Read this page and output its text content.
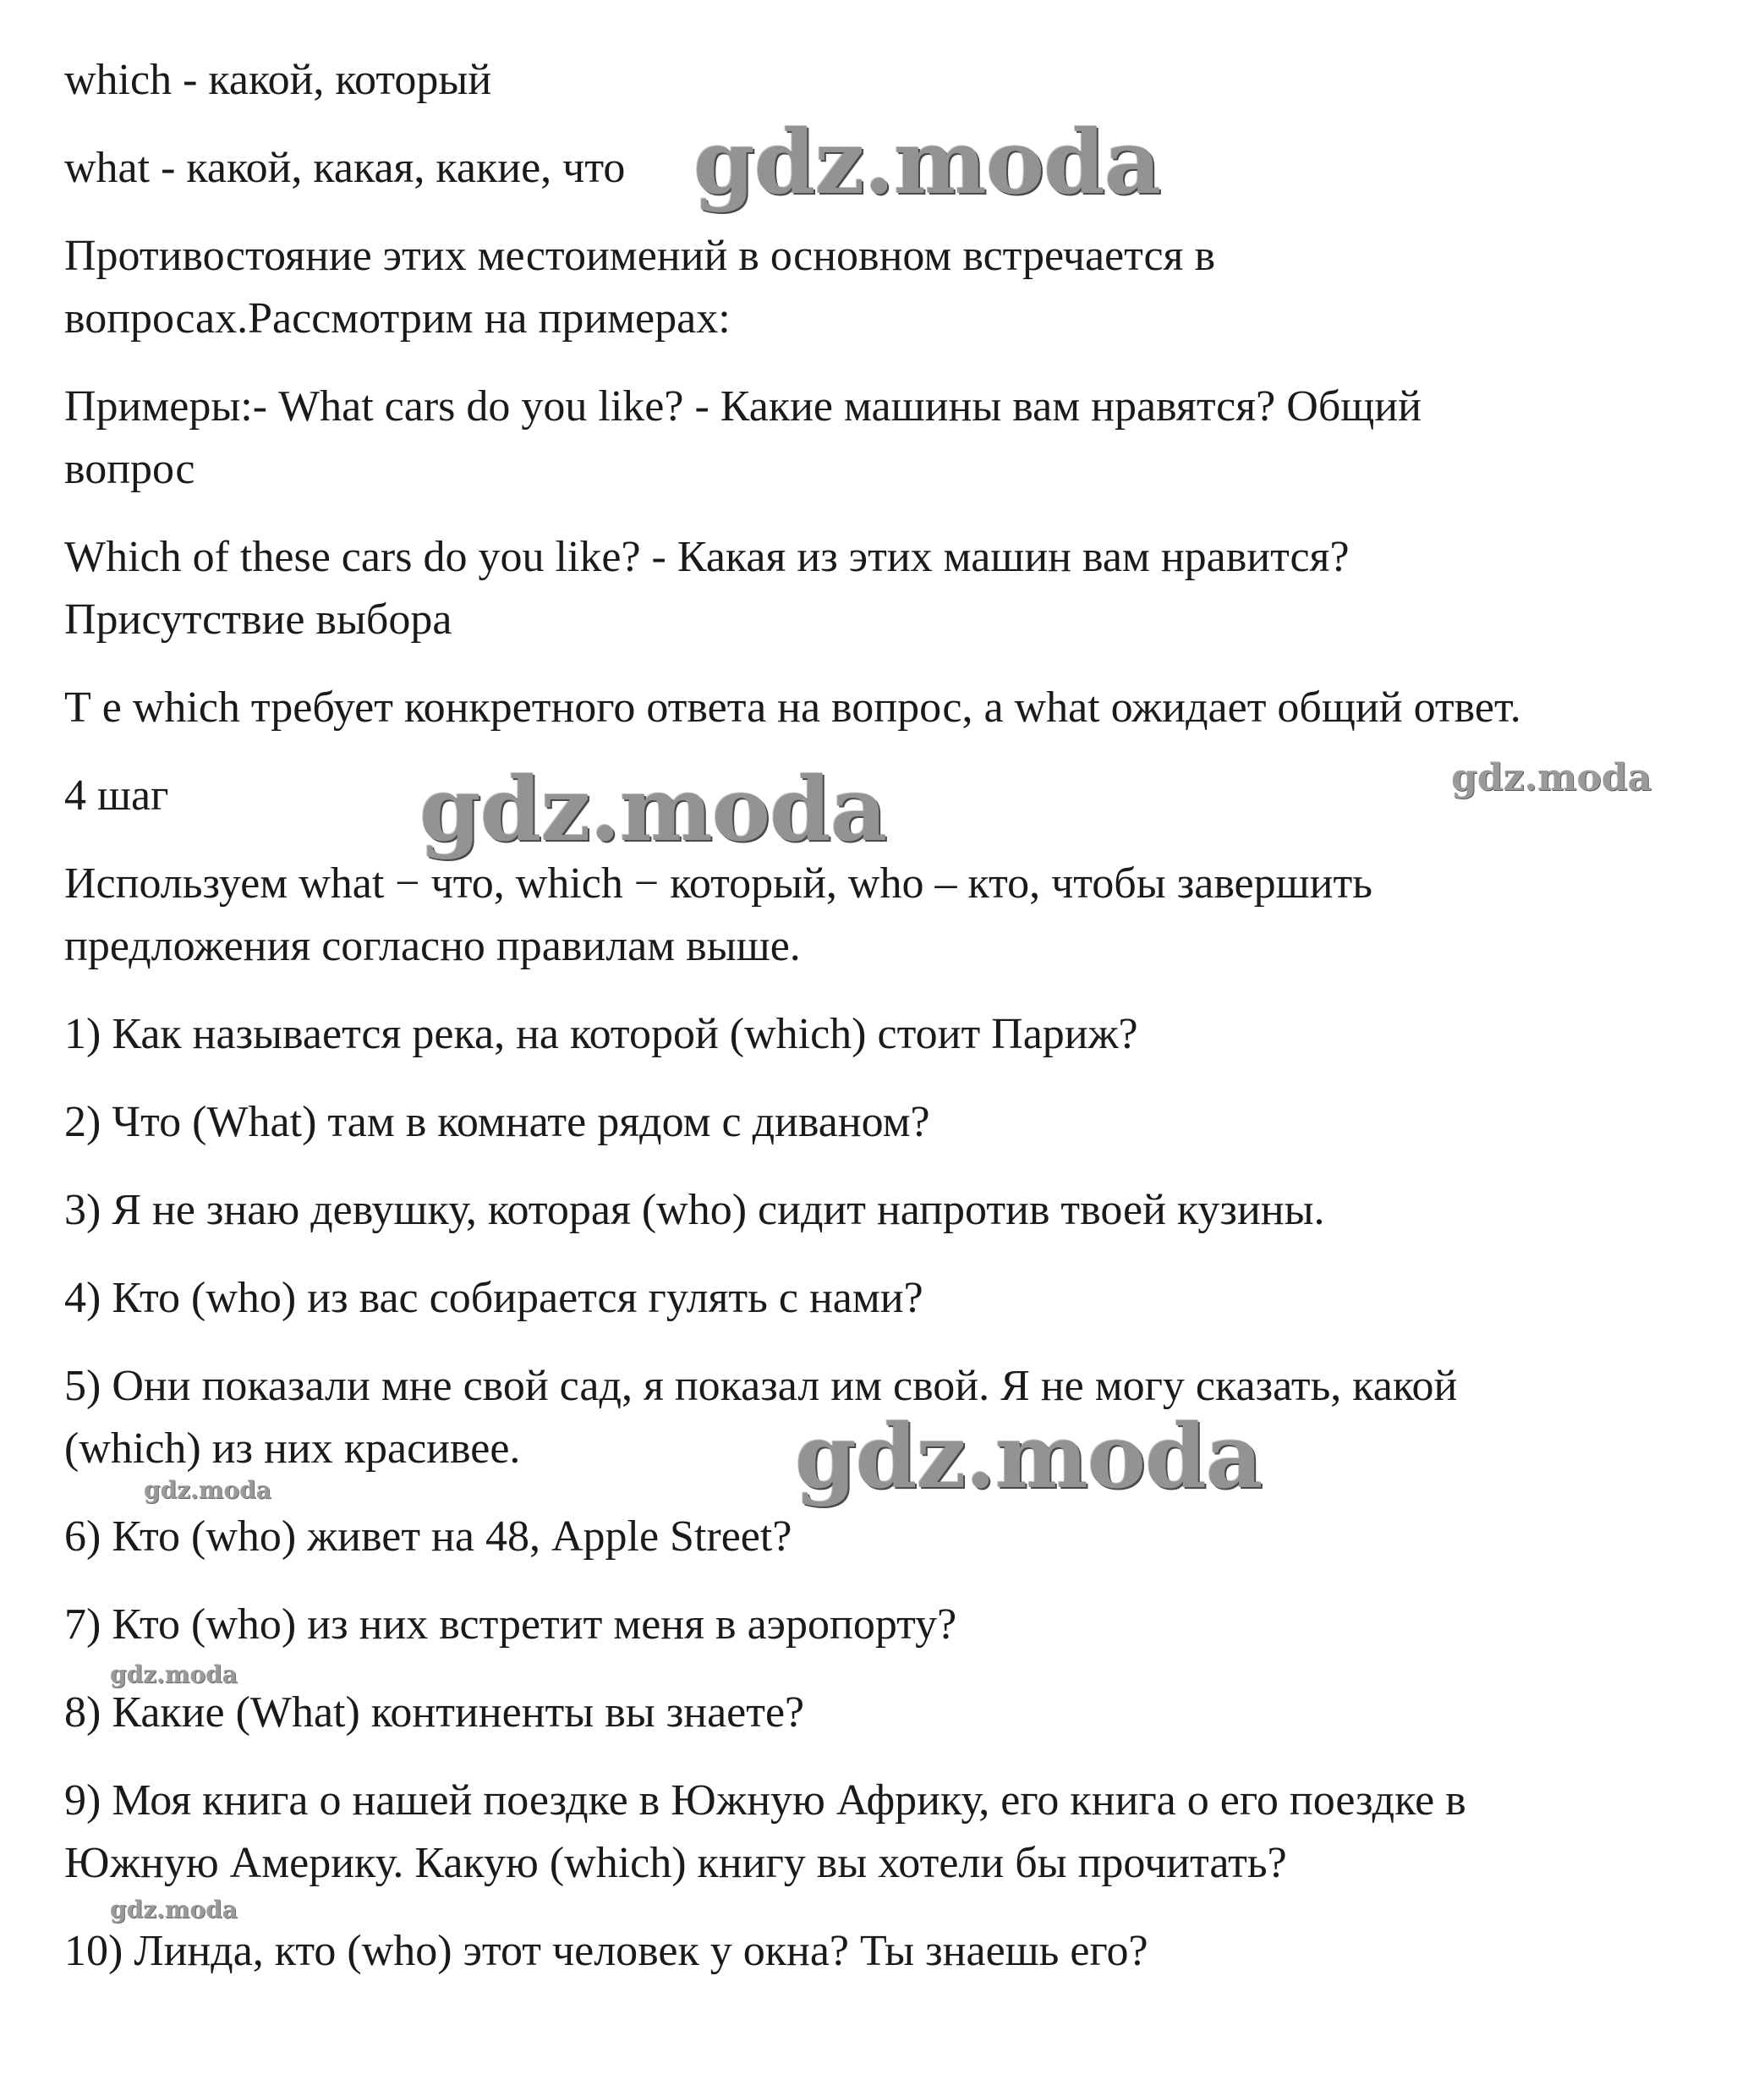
which - какой, который

what - какой, какая, какие, что

Противостояние этих местоимений в основном встречается в

вопросах.Рассмотрим на примерах:

Примеры:- What cars do you like? - Какие машины вам нравятся? Общий

вопрос

Which of these cars do you like? - Какая из этих машин вам нравится?

Присутствие выбора

Т е which требует конкретного ответа на вопрос, а what ожидает общий ответ.

4 шаг

Используем what − что, which − который, who – кто, чтобы завершить

предложения согласно правилам выше.

1) Как называется река, на которой (which) стоит Париж?

2) Что (What) там в комнате рядом с диваном?

3) Я не знаю девушку, которая (who) сидит напротив твоей кузины.

4) Кто (who) из вас собирается гулять с нами?

5) Они показали мне свой сад, я показал им свой. Я не могу сказать, какой

(which) из них красивее.

6) Кто (who) живет на 48, Apple Street?

7) Кто (who) из них встретит меня в аэропорту?

8) Какие (What) континенты вы знаете?

9) Моя книга о нашей поездке в Южную Африку, его книга о его поездке в

Южную Америку. Какую (which) книгу вы хотели бы прочитать?

10) Линда, кто (who) этот человек у окна? Ты знаешь его?

gdz.moda
gdz.moda
gdz.moda
gdz.moda
gdz.moda
gdz.moda
gdz.moda
